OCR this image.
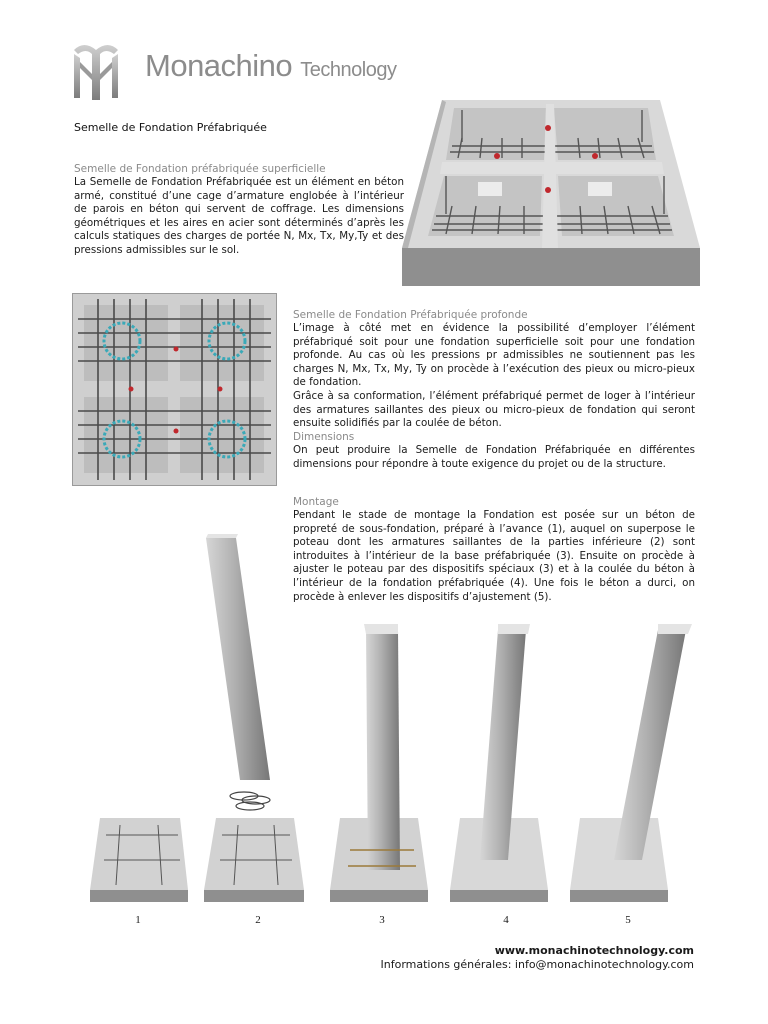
Monachino Technology
Semelle de Fondation Préfabriquée
Semelle de Fondation préfabriquée superficielle

La Semelle de Fondation Préfabriquée est un élément en béton armé, constitué d’une cage d’armature englobée à l’intérieur de parois en béton qui servent de coffrage. Les dimensions géométriques et les aires en acier sont déterminés d’après les calculs statiques des charges de portée N, Mx, Tx, My,Ty et des pressions admissibles sur le sol.

Semelle de Fondation Préfabriquée profonde

L’image à côté met en évidence la possibilité d’employer l’élément préfabriqué soit pour une fondation superficielle soit pour une fondation profonde. Au cas où les pressions pr admissibles ne soutiennent pas les charges N, Mx, Tx, My, Ty on procède à l’exécution des pieux ou micro-pieux de fondation.

Grâce à sa conformation, l’élément préfabriqué permet de loger à l’intérieur des armatures saillantes des pieux ou micro-pieux de fondation qui seront ensuite solidifiés par la coulée de béton.

Dimensions

On peut produire la Semelle de Fondation Préfabriquée en différentes dimensions pour répondre à toute exigence du projet ou de la structure.

Montage

Pendant le stade de montage la Fondation est posée sur un béton de propreté de sous-fondation, préparé à l’avance (1), auquel on superpose le poteau dont les armatures saillantes de la parties inférieure (2) sont introduites à l’intérieur de la base préfabriquée (3). Ensuite on procède à ajuster le poteau par des dispositifs spéciaux (3) et à la coulée du béton à l’intérieur de la fondation préfabriquée (4). Une fois le béton a durci, on procède à enlever les dispositifs d’ajustement (5).

1	2	3	4	5
www.monachinotechnology.com
Informations générales: info@monachinotechnology.com
